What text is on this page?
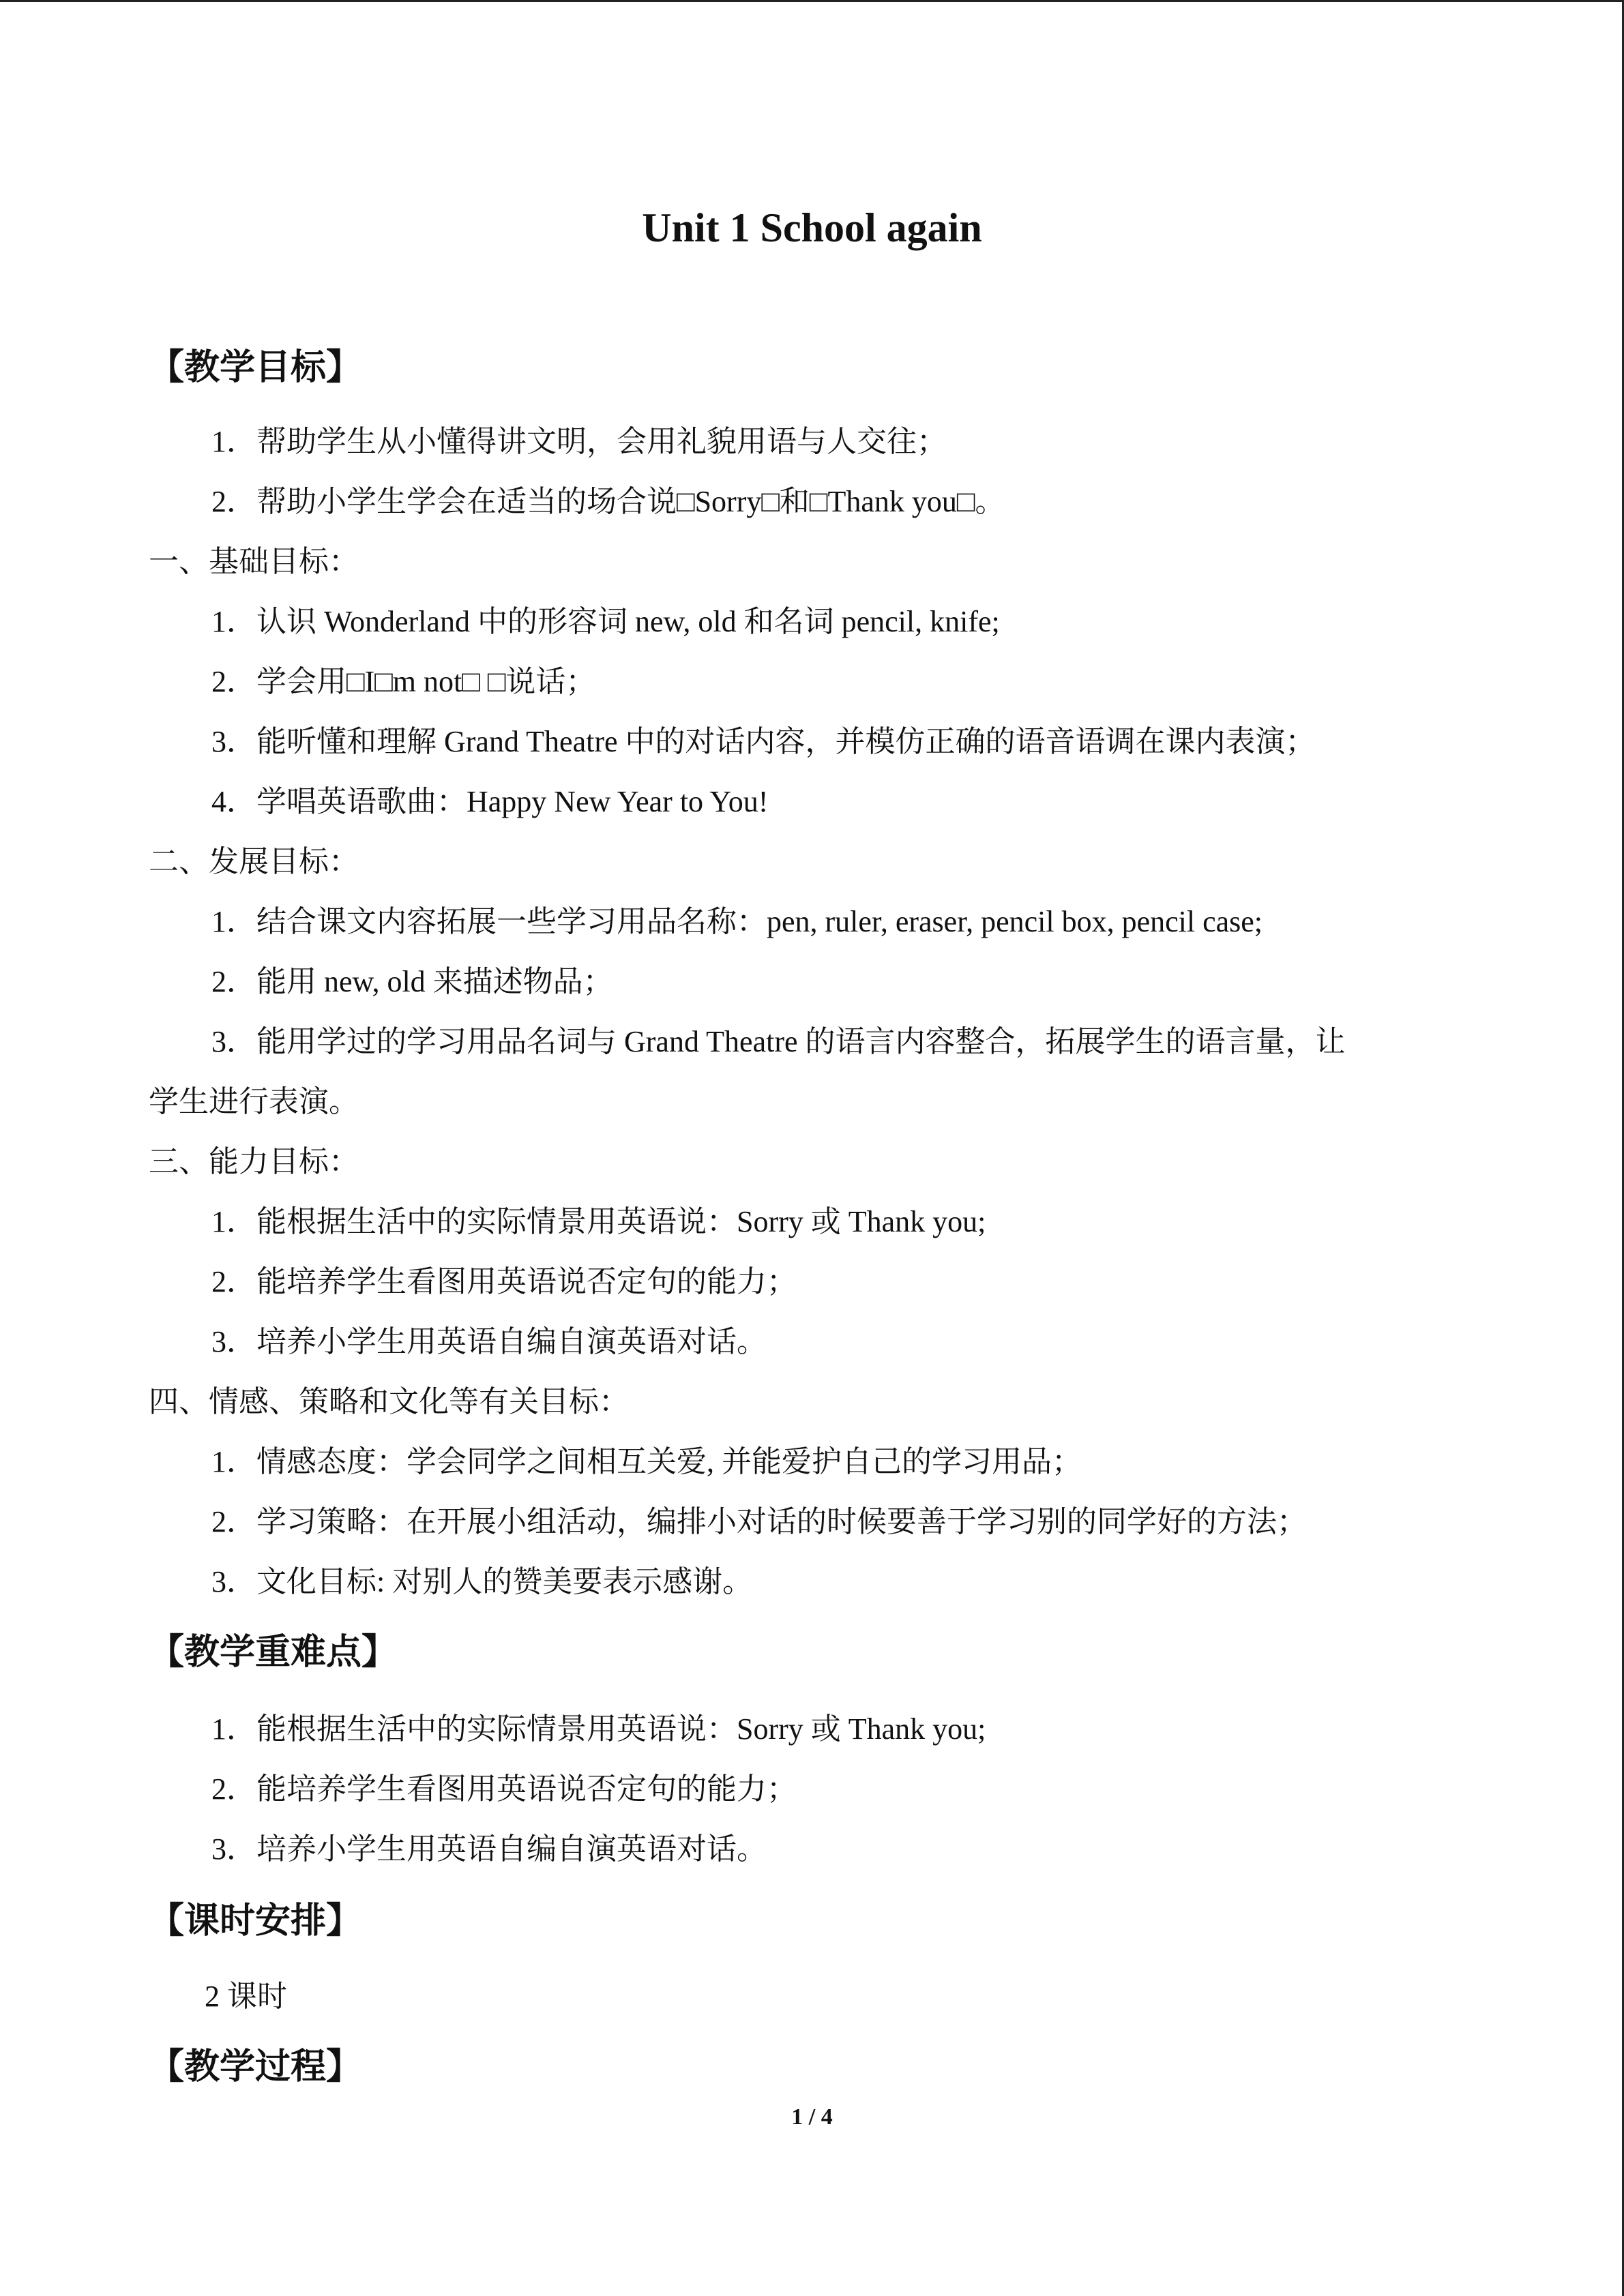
Unit 1 School again
【教学目标】

1．帮助学生从小懂得讲文明，会用礼貌用语与人交往；

2．帮助小学生学会在适当的场合说□Sorry□和□Thank you□。

一、基础目标：

1．认识 Wonderland 中的形容词 new, old 和名词 pencil, knife;

2．学会用□I□m not□ □说话；

3．能听懂和理解 Grand Theatre 中的对话内容，并模仿正确的语音语调在课内表演；

4．学唱英语歌曲：Happy New Year to You!

二、发展目标：

1．结合课文内容拓展一些学习用品名称：pen, ruler, eraser, pencil box, pencil case;

2．能用 new, old 来描述物品；

3．能用学过的学习用品名词与 Grand Theatre 的语言内容整合，拓展学生的语言量，让

学生进行表演。

三、能力目标：

1．能根据生活中的实际情景用英语说：Sorry 或 Thank you;

2．能培养学生看图用英语说否定句的能力；

3．培养小学生用英语自编自演英语对话。

四、情感、策略和文化等有关目标：

1．情感态度：学会同学之间相互关爱, 并能爱护自己的学习用品；

2．学习策略：在开展小组活动，编排小对话的时候要善于学习别的同学好的方法；

3．文化目标: 对别人的赞美要表示感谢。

【教学重难点】

1．能根据生活中的实际情景用英语说：Sorry 或 Thank you;

2．能培养学生看图用英语说否定句的能力；

3．培养小学生用英语自编自演英语对话。

【课时安排】

2 课时

【教学过程】
1 / 4
